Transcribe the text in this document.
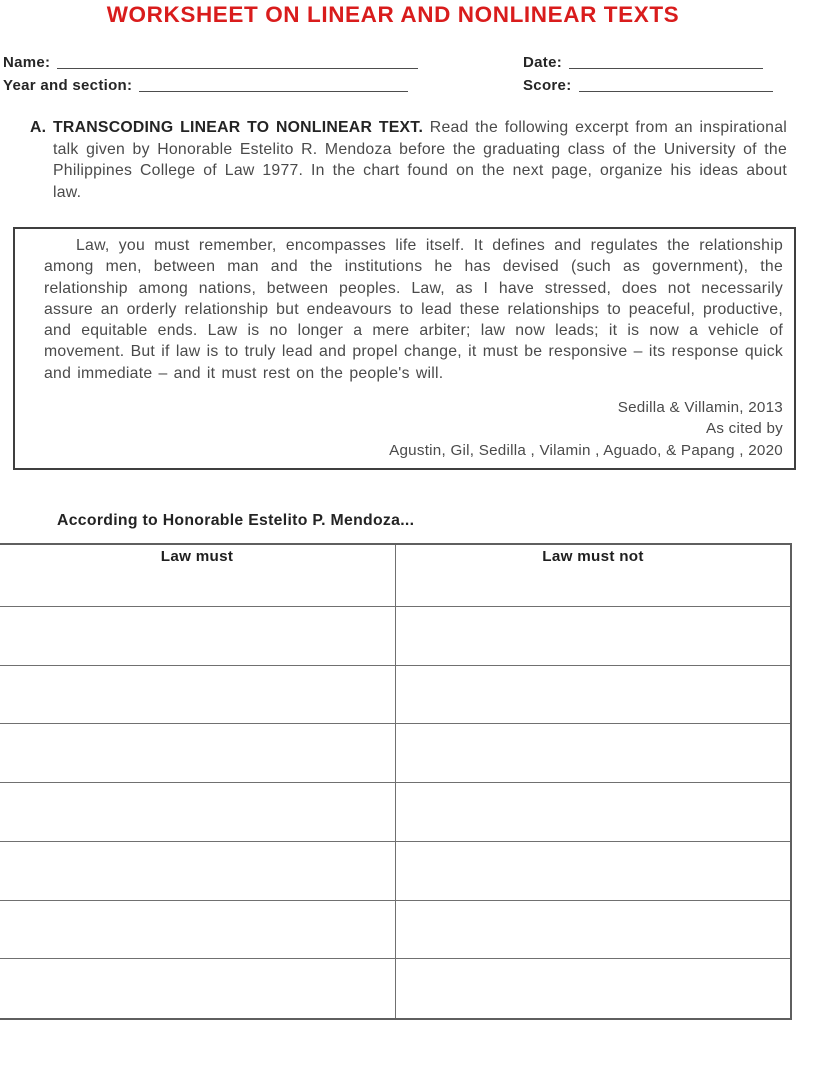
WORKSHEET ON LINEAR AND NONLINEAR TEXTS
Name:	Date:
Year and section:	Score:
A. TRANSCODING LINEAR TO NONLINEAR TEXT. Read the following excerpt from an inspirational talk given by Honorable Estelito R. Mendoza before the graduating class of the University of the Philippines College of Law 1977. In the chart found on the next page, organize his ideas about law.

Law, you must remember, encompasses life itself. It defines and regulates the relationship among men, between man and the institutions he has devised (such as government), the relationship among nations, between peoples. Law, as I have stressed, does not necessarily assure an orderly relationship but endeavours to lead these relationships to peaceful, productive, and equitable ends. Law is no longer a mere arbiter; law now leads; it is now a vehicle of movement. But if law is to truly lead and propel change, it must be responsive – its response quick and immediate – and it must rest on the people's will.

Sedilla & Villamin, 2013
As cited by
Agustin, Gil, Sedilla , Vilamin , Aguado, & Papang , 2020
According to Honorable Estelito P. Mendoza...
Law must	Law must not
